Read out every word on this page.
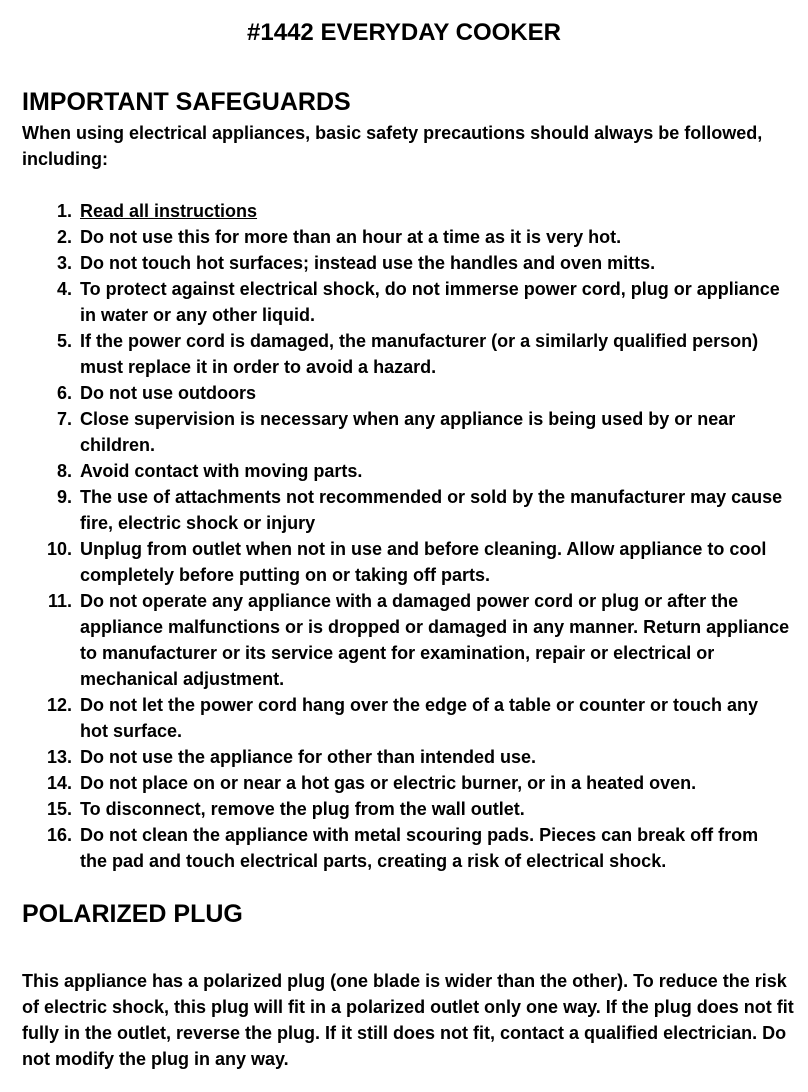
#1442 EVERYDAY COOKER
IMPORTANT SAFEGUARDS

When using electrical appliances, basic safety precautions should always be followed, including:

1. Read all instructions
2. Do not use this for more than an hour at a time as it is very hot.
3. Do not touch hot surfaces; instead use the handles and oven mitts.
4. To protect against electrical shock, do not immerse power cord, plug or appliance in water or any other liquid.
5. If the power cord is damaged, the manufacturer (or a similarly qualified person) must replace it in order to avoid a hazard.
6. Do not use outdoors
7. Close supervision is necessary when any appliance is being used by or near children.
8. Avoid contact with moving parts.
9. The use of attachments not recommended or sold by the manufacturer may cause fire, electric shock or injury
10. Unplug from outlet when not in use and before cleaning. Allow appliance to cool completely before putting on or taking off parts.
11. Do not operate any appliance with a damaged power cord or plug or after the appliance malfunctions or is dropped or damaged in any manner. Return appliance to manufacturer or its service agent for examination, repair or electrical or mechanical adjustment.
12. Do not let the power cord hang over the edge of a table or counter or touch any hot surface.
13. Do not use the appliance for other than intended use.
14. Do not place on or near a hot gas or electric burner, or in a heated oven.
15. To disconnect, remove the plug from the wall outlet.
16. Do not clean the appliance with metal scouring pads. Pieces can break off from the pad and touch electrical parts, creating a risk of electrical shock.
POLARIZED PLUG

This appliance has a polarized plug (one blade is wider than the other). To reduce the risk of electric shock, this plug will fit in a polarized outlet only one way. If the plug does not fit fully in the outlet, reverse the plug. If it still does not fit, contact a qualified electrician. Do not modify the plug in any way.
